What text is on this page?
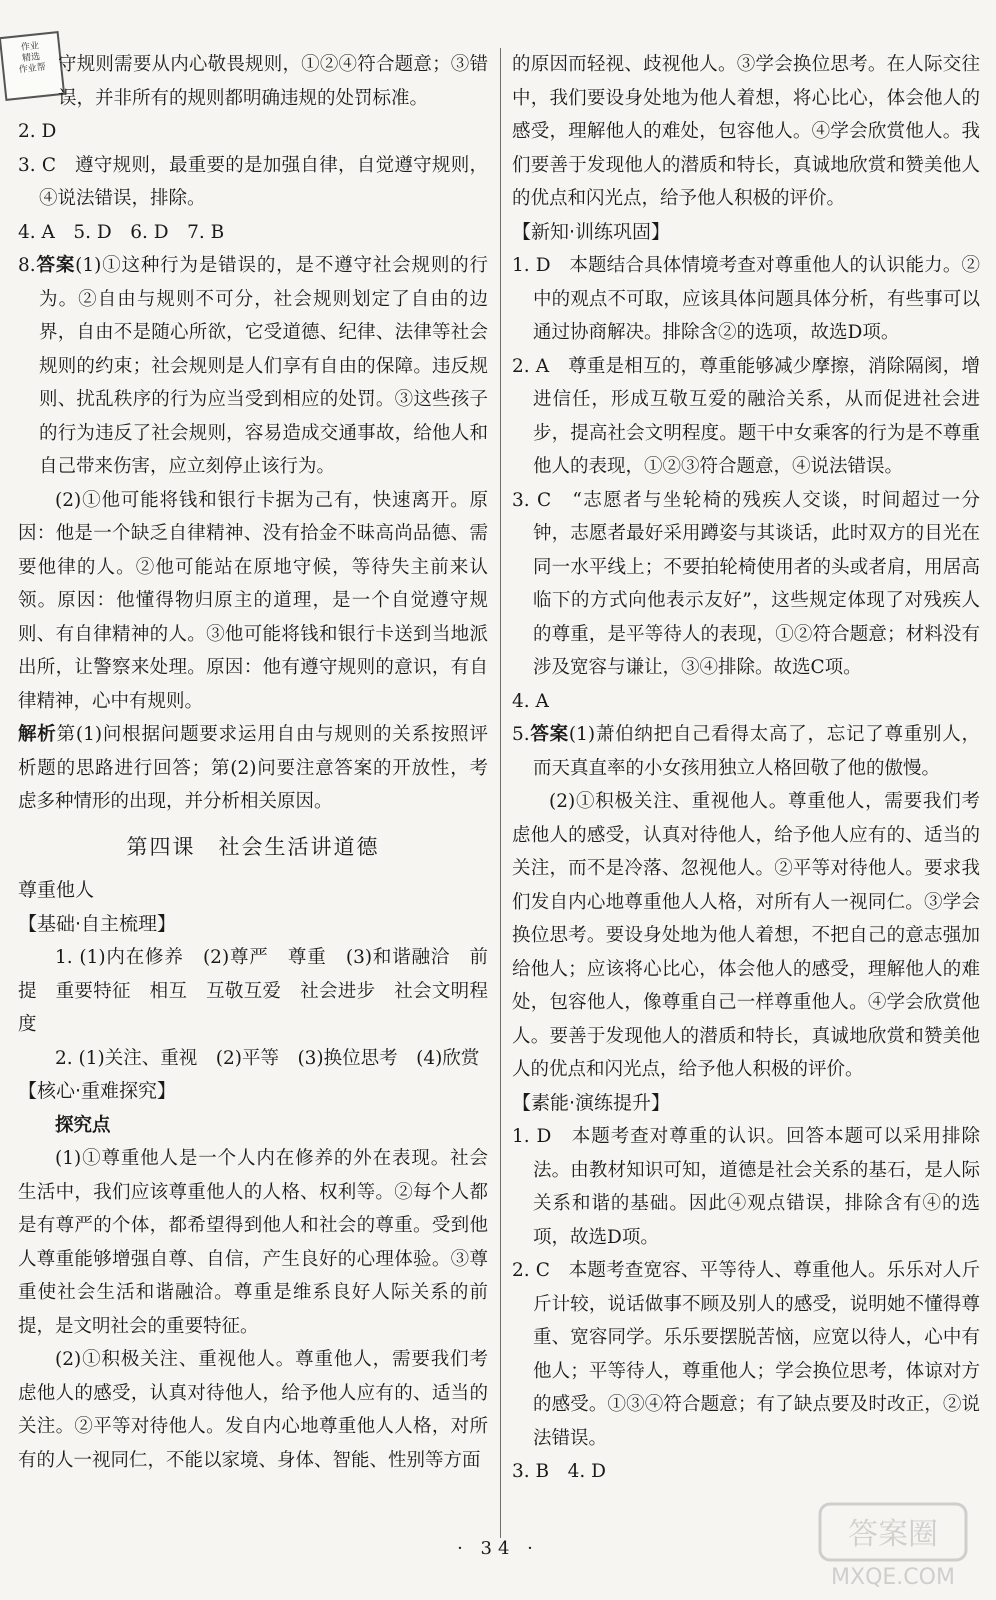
作业
精选
作业帮 守规则需要从内心敬畏规则，①②④符合题意；③错误，并非所有的规则都明确违规的处罚标准。

2. D

3. C　遵守规则，最重要的是加强自律，自觉遵守规则，④说法错误，排除。

4. A　5. D　6. D　7. B

8.答案(1)①这种行为是错误的，是不遵守社会规则的行为。②自由与规则不可分，社会规则划定了自由的边界，自由不是随心所欲，它受道德、纪律、法律等社会规则的约束；社会规则是人们享有自由的保障。违反规则、扰乱秩序的行为应当受到相应的处罚。③这些孩子的行为违反了社会规则，容易造成交通事故，给他人和自己带来伤害，应立刻停止该行为。

(2)①他可能将钱和银行卡据为己有，快速离开。原因：他是一个缺乏自律精神、没有拾金不昧高尚品德、需要他律的人。②他可能站在原地守候，等待失主前来认领。原因：他懂得物归原主的道理，是一个自觉遵守规则、有自律精神的人。③他可能将钱和银行卡送到当地派出所，让警察来处理。原因：他有遵守规则的意识，有自律精神，心中有规则。

解析第(1)问根据问题要求运用自由与规则的关系按照评析题的思路进行回答；第(2)问要注意答案的开放性，考虑多种情形的出现，并分析相关原因。

第四课　社会生活讲道德

尊重他人

【基础·自主梳理】

1. (1)内在修养　(2)尊严　尊重　(3)和谐融洽　前提　重要特征　相互　互敬互爱　社会进步　社会文明程度

2. (1)关注、重视　(2)平等　(3)换位思考　(4)欣赏

【核心·重难探究】

探究点

(1)①尊重他人是一个人内在修养的外在表现。社会生活中，我们应该尊重他人的人格、权利等。②每个人都是有尊严的个体，都希望得到他人和社会的尊重。受到他人尊重能够增强自尊、自信，产生良好的心理体验。③尊重使社会生活和谐融洽。尊重是维系良好人际关系的前提，是文明社会的重要特征。

(2)①积极关注、重视他人。尊重他人，需要我们考虑他人的感受，认真对待他人，给予他人应有的、适当的关注。②平等对待他人。发自内心地尊重他人人格，对所有的人一视同仁，不能以家境、身体、智能、性别等方面

的原因而轻视、歧视他人。③学会换位思考。在人际交往中，我们要设身处地为他人着想，将心比心，体会他人的感受，理解他人的难处，包容他人。④学会欣赏他人。我们要善于发现他人的潜质和特长，真诚地欣赏和赞美他人的优点和闪光点，给予他人积极的评价。

【新知·训练巩固】

1. D　本题结合具体情境考查对尊重他人的认识能力。②中的观点不可取，应该具体问题具体分析，有些事可以通过协商解决。排除含②的选项，故选D项。

2. A　尊重是相互的，尊重能够减少摩擦，消除隔阂，增进信任，形成互敬互爱的融洽关系，从而促进社会进步，提高社会文明程度。题干中女乘客的行为是不尊重他人的表现，①②③符合题意，④说法错误。

3. C　“志愿者与坐轮椅的残疾人交谈，时间超过一分钟，志愿者最好采用蹲姿与其谈话，此时双方的目光在同一水平线上；不要拍轮椅使用者的头或者肩，用居高临下的方式向他表示友好”，这些规定体现了对残疾人的尊重，是平等待人的表现，①②符合题意；材料没有涉及宽容与谦让，③④排除。故选C项。

4. A

5.答案(1)萧伯纳把自己看得太高了，忘记了尊重别人，而天真直率的小女孩用独立人格回敬了他的傲慢。

(2)①积极关注、重视他人。尊重他人，需要我们考虑他人的感受，认真对待他人，给予他人应有的、适当的关注，而不是冷落、忽视他人。②平等对待他人。要求我们发自内心地尊重他人人格，对所有人一视同仁。③学会换位思考。要设身处地为他人着想，不把自己的意志强加给他人；应该将心比心，体会他人的感受，理解他人的难处，包容他人，像尊重自己一样尊重他人。④学会欣赏他人。要善于发现他人的潜质和特长，真诚地欣赏和赞美他人的优点和闪光点，给予他人积极的评价。

【素能·演练提升】

1. D　本题考查对尊重的认识。回答本题可以采用排除法。由教材知识可知，道德是社会关系的基石，是人际关系和谐的基础。因此④观点错误，排除含有④的选项，故选D项。

2. C　本题考查宽容、平等待人、尊重他人。乐乐对人斤斤计较，说话做事不顾及别人的感受，说明她不懂得尊重、宽容同学。乐乐要摆脱苦恼，应宽以待人，心中有他人；平等待人，尊重他人；学会换位思考，体谅对方的感受。①③④符合题意；有了缺点要及时改正，②说法错误。

3. B　4. D

· 34 ·	答案圈
MXQE.COM
